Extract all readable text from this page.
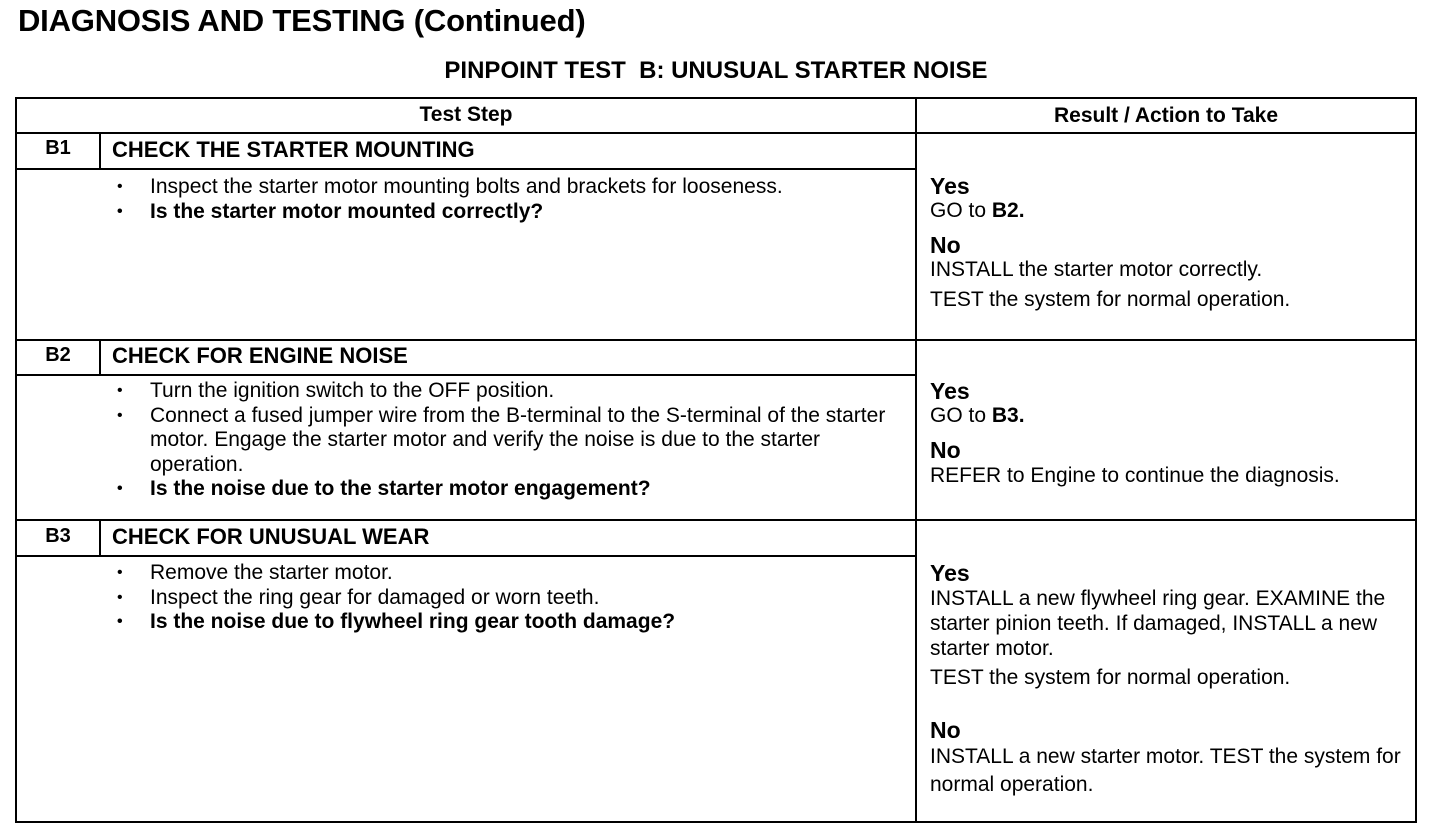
DIAGNOSIS AND TESTING (Continued)
PINPOINT TEST  B: UNUSUAL STARTER NOISE
Test Step	Result / Action to Take
B1	CHECK THE STARTER MOUNTING
• Inspect the starter motor mounting bolts and brackets for looseness.
• Is the starter motor mounted correctly?
Yes
GO to B2.
No
INSTALL the starter motor correctly.
TEST the system for normal operation.
B2	CHECK FOR ENGINE NOISE
• Turn the ignition switch to the OFF position.
• Connect a fused jumper wire from the B-terminal to the S-terminal of the starter motor. Engage the starter motor and verify the noise is due to the starter operation.
• Is the noise due to the starter motor engagement?
Yes
GO to B3.
No
REFER to Engine to continue the diagnosis.
B3	CHECK FOR UNUSUAL WEAR
• Remove the starter motor.
• Inspect the ring gear for damaged or worn teeth.
• Is the noise due to flywheel ring gear tooth damage?
Yes
INSTALL a new flywheel ring gear. EXAMINE the starter pinion teeth. If damaged, INSTALL a new starter motor.
TEST the system for normal operation.
No
INSTALL a new starter motor. TEST the system for normal operation.
